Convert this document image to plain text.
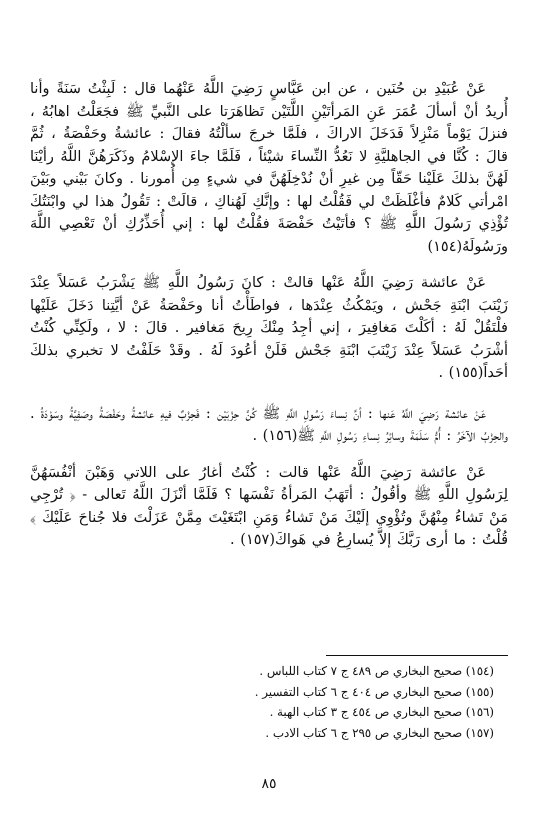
عَنْ عُبَيْدِ بن حُنَين ، عن ابن عَبَّاسٍ رَضِيَ اللَّهُ عَنْهُما قال : لَبِثْتُ سَنَةً وأنا أُريدُ أنْ أسألَ عُمَرَ عَنِ المَرأتَيْنِ اللَّتَيْن تَظاهَرَتا على النَّبيِّ ﷺ فجَعَلْتُ اهابُهُ ، فنزلَ يَوْماً مَنْزِلاً فَدَخَلَ الاراكَ ، فلَمَّا خرجَ سألْتُهُ فقالَ : عائشةُ وحَفْصَةُ ، ثُمَّ قالَ : كُنَّا في الجاهليَّةِ لا نَعُدُّ النِّساءَ شيْئاً ، فَلَمَّا جاءَ الإسْلامُ وذَكَرَهُنَّ اللَّهُ رأيْنَا لَهُنَّ بذلكَ عَلَيْنا حَقّاً مِن غيرِ أنْ نُدْخِلَهُنَّ في شيءٍ مِن أُمورنا . وكانَ بَيْني وبَيْنَ امْرأتي كَلامٌ فأغْلَظَتْ لي فَقُلْتُ لها : وإنَّكِ لَهُناكِ ، قالَتْ : تَقُولُ هذا لي وابْنَتُكَ تُؤْذِي رَسُولَ اللَّهِ ﷺ ؟ فأتَيْتُ حَفْصَةَ فقُلْتُ لها : إني أُحَذِّرُكِ أنْ تَعْصِي اللَّهَ ورَسُولَهُ(١٥٤)

عَنْ عائشة رَضِيَ اللَّهُ عَنْها قالتْ : كانَ رَسُولُ اللَّهِ ﷺ يَشْرَبُ عَسَلاً عِنْدَ زَيْنَبَ ابْنَةِ جَحْش ، ويَمْكُثُ عِنْدَها ، فواطَأْتُ أنا وحَفْصَةُ عَنْ أيَّتِنا دَخَلَ عَلَيْها فلْتَقُلْ لَهُ : أكَلْتَ مَغافِيرَ ، إني أجِدُ مِنْكَ رِيحَ مَغافير . قالَ : لا ، ولَكِنِّي كُنْتُ أشْرَبُ عَسَلاً عِنْدَ زَيْنَبَ ابْنَةِ جَحْش فَلَنْ أعُودَ لَهُ . وقَدْ حَلَفْتُ لا تخبري بذلكَ أحَداً(١٥٥) .

عَنْ عائشة رَضِيَ اللَّهُ عَنها : أنَّ نِساءَ رَسُولِ اللَّهِ ﷺ كُنَّ حِزْبَيْن : فَحِزْبٌ فيهِ عائشةُ وحَفْصَةُ وصَفِيَّةُ وسَوْدَةُ . والحِزْبُ الآخَرُ : أُمُّ سَلَمَةَ وسائِرُ نِساءِ رَسُولِ اللَّهِ ﷺ(١٥٦) .

عَنْ عائشة رَضِيَ اللَّهُ عَنْها قالت : كُنْتُ أغارُ على اللاتي وَهَبْنَ أنْفُسَهُنَّ لِرَسُولِ اللَّهِ ﷺ وأقُولُ : أتَهَبُ المَرأةُ نَفْسَها ؟ فَلَمَّا أنْزَلَ اللَّهُ تَعالى - ﴿ تُرْجِي مَنْ تَشاءُ مِنْهُنَّ وتُؤْوِي إلَيْكَ مَنْ تَشاءُ وَمَنِ ابْتَغَيْتَ مِمَّنْ عَزَلْتَ فلا جُناحَ عَلَيْكَ ﴾ قُلْتُ : ما أرى رَبَّكَ إلاَّ يُسارِعُ في هَواكَ(١٥٧) .

(١٥٤) صحيح البخاري ص ٤٨٩ ج ٧ كتاب اللباس .
(١٥٥) صحيح البخاري ص ٤٠٤ ج ٦ كتاب التفسير .
(١٥٦) صحيح البخاري ص ٤٥٤ ج ٣ كتاب الهبة .
(١٥٧) صحيح البخاري ص ٢٩٥ ج ٦ كتاب الادب .
٨٥
